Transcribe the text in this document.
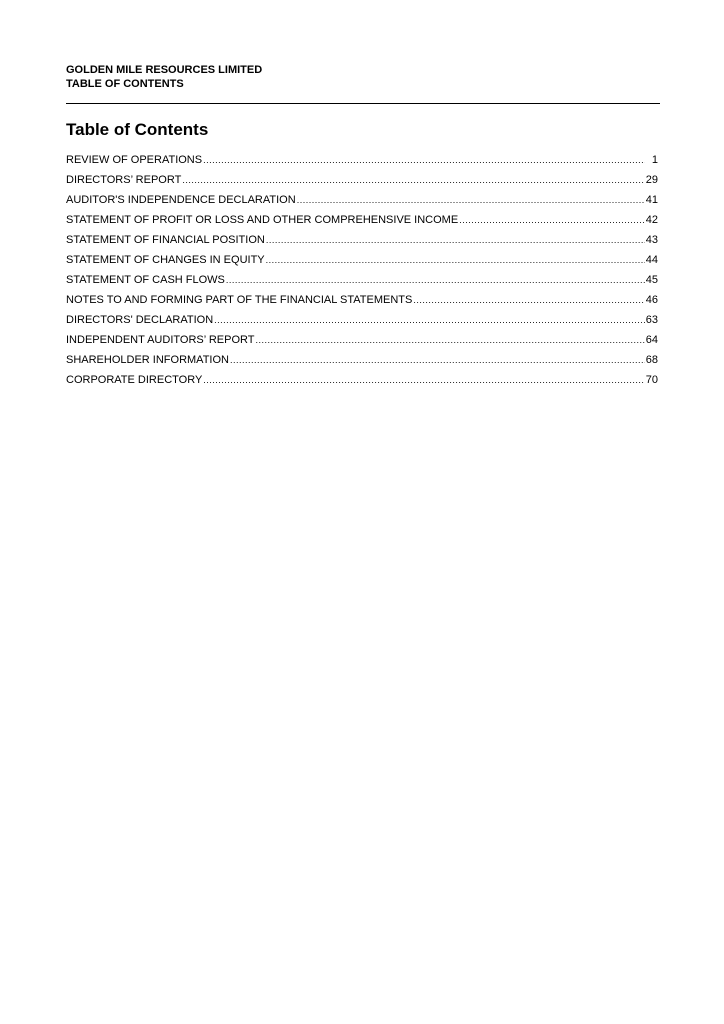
GOLDEN MILE RESOURCES LIMITED
TABLE OF CONTENTS
Table of Contents
REVIEW OF OPERATIONS .....	1
DIRECTORS’ REPORT .....	29
AUDITOR'S INDEPENDENCE DECLARATION .....	41
STATEMENT OF PROFIT OR LOSS AND OTHER COMPREHENSIVE INCOME .....	42
STATEMENT OF FINANCIAL POSITION .....	43
STATEMENT OF CHANGES IN EQUITY .....	44
STATEMENT OF CASH FLOWS .....	45
NOTES TO AND FORMING PART OF THE FINANCIAL STATEMENTS .....	46
DIRECTORS' DECLARATION .....	63
INDEPENDENT AUDITORS’ REPORT .....	64
SHAREHOLDER INFORMATION .....	68
CORPORATE DIRECTORY .....	70
